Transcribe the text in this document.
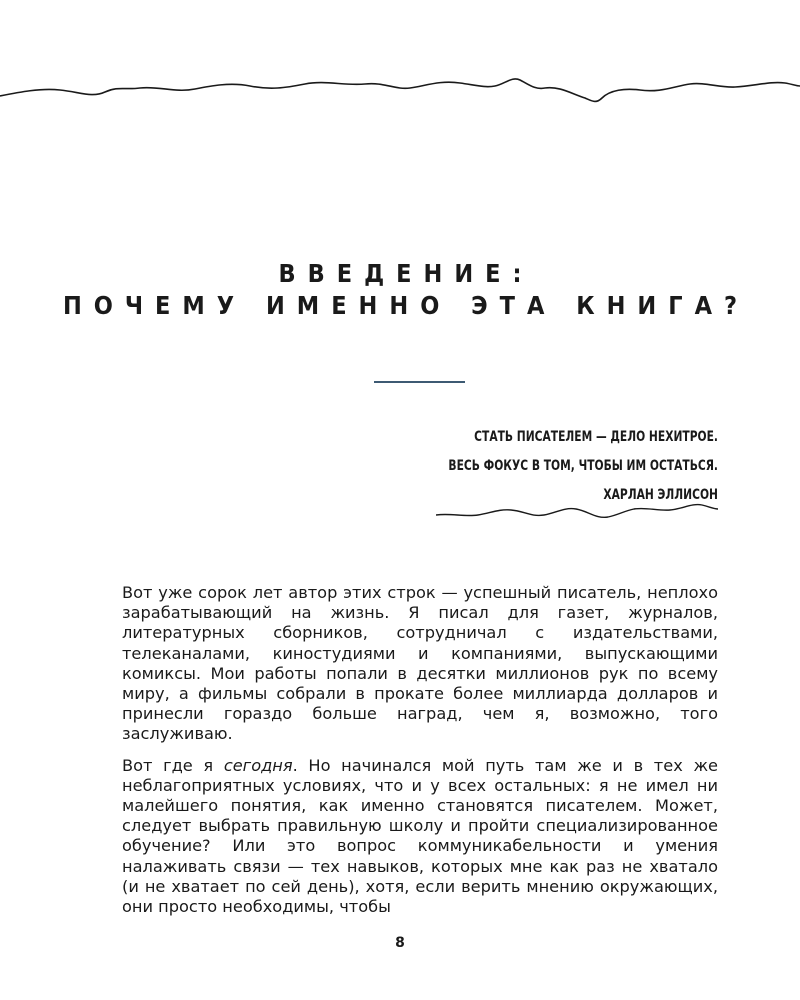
ВВЕДЕНИЕ:
ПОЧЕМУ ИМЕННО ЭТА КНИГА?
СТАТЬ ПИСАТЕЛЕМ — ДЕЛО НЕХИТРОЕ.
ВЕСЬ ФОКУС В ТОМ, ЧТОБЫ ИМ ОСТАТЬСЯ.
ХАРЛАН ЭЛЛИСОН

Вот уже сорок лет автор этих строк — успешный писатель, неплохо зарабатывающий на жизнь. Я писал для газет, журналов, литературных сборников, сотрудничал с издательствами, телеканалами, киностудиями и компаниями, выпускающими комиксы. Мои работы попали в десятки миллионов рук по всему миру, а фильмы собрали в прокате более миллиарда долларов и принесли гораздо больше наград, чем я, возможно, того заслуживаю.

Вот где я сегодня. Но начинался мой путь там же и в тех же неблагоприятных условиях, что и у всех остальных: я не имел ни малейшего понятия, как именно становятся писателем. Может, следует выбрать правильную школу и пройти специализированное обучение? Или это вопрос коммуникабельности и умения налаживать связи — тех навыков, которых мне как раз не хватало (и не хватает по сей день), хотя, если верить мнению окружающих, они просто необходимы, чтобы

8
